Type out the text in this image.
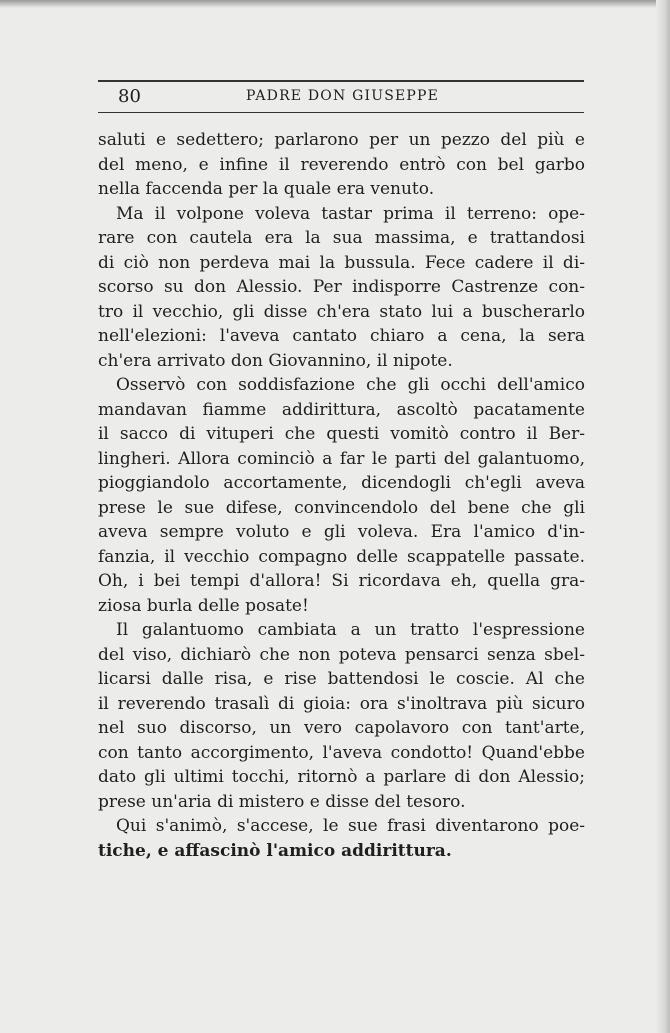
80	PADRE DON GIUSEPPE
saluti e sedettero; parlarono per un pezzo del più e
del meno, e infine il reverendo entrò con bel garbo
nella faccenda per la quale era venuto.
Ma il volpone voleva tastar prima il terreno: ope-
rare con cautela era la sua massima, e trattandosi
di ciò non perdeva mai la bussula. Fece cadere il di-
scorso su don Alessio. Per indisporre Castrenze con-
tro il vecchio, gli disse ch'era stato lui a buscherarlo
nell'elezioni: l'aveva cantato chiaro a cena, la sera
ch'era arrivato don Giovannino, il nipote.
Osservò con soddisfazione che gli occhi dell'amico
mandavan fiamme addirittura, ascoltò pacatamente
il sacco di vituperi che questi vomitò contro il Ber-
lingheri. Allora cominciò a far le parti del galantuomo,
pioggiandolo accortamente, dicendogli ch'egli aveva
prese le sue difese, convincendolo del bene che gli
aveva sempre voluto e gli voleva. Era l'amico d'in-
fanzia, il vecchio compagno delle scappatelle passate.
Oh, i bei tempi d'allora! Si ricordava eh, quella gra-
ziosa burla delle posate!
Il galantuomo cambiata a un tratto l'espressione
del viso, dichiarò che non poteva pensarci senza sbel-
licarsi dalle risa, e rise battendosi le coscie. Al che
il reverendo trasalì di gioia: ora s'inoltrava più sicuro
nel suo discorso, un vero capolavoro con tant'arte,
con tanto accorgimento, l'aveva condotto! Quand'ebbe
dato gli ultimi tocchi, ritornò a parlare di don Alessio;
prese un'aria di mistero e disse del tesoro.
Qui s'animò, s'accese, le sue frasi diventarono poe-
tiche, e affascinò l'amico addirittura.
